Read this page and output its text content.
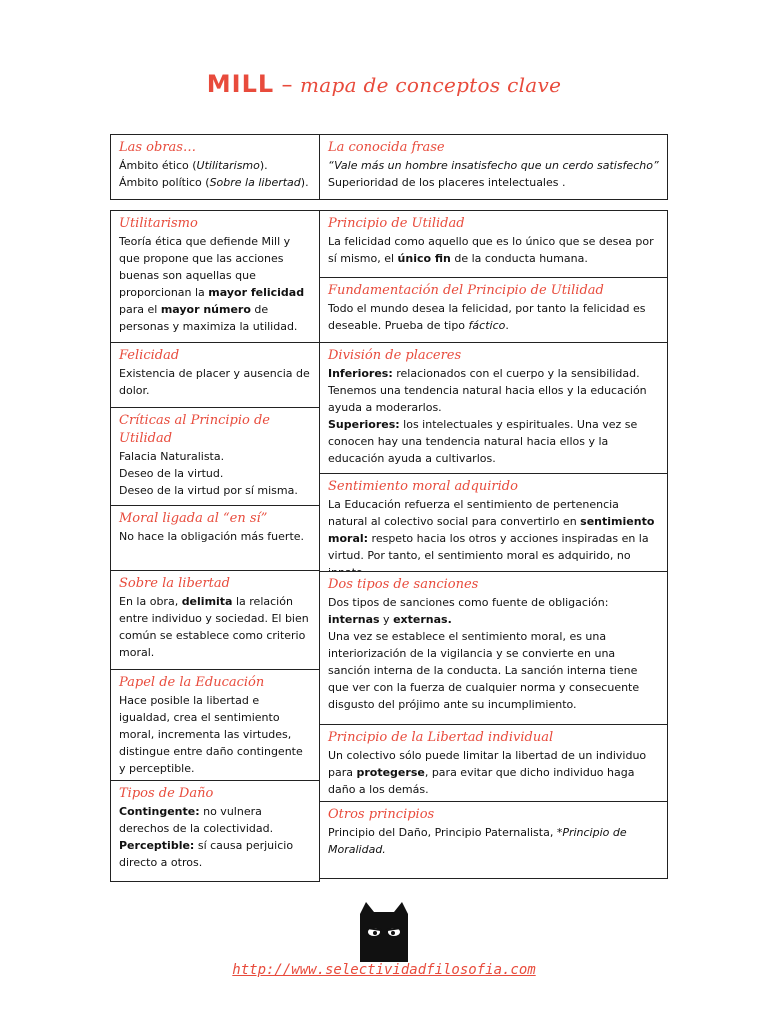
MILL – mapa de conceptos clave
Las obras…

Ámbito ético (Utilitarismo).

Ámbito político (Sobre la libertad).

La conocida frase

“Vale más un hombre insatisfecho que un cerdo satisfecho”

Superioridad de los placeres intelectuales .

Utilitarismo

Teoría ética que defiende Mill y que propone que las acciones buenas son aquellas que proporcionan la mayor felicidad para el mayor número de personas y maximiza la utilidad.

Felicidad

Existencia de placer y ausencia de dolor.

Críticas al Principio de Utilidad

Falacia Naturalista.

Deseo de la virtud.

Deseo de la virtud por sí misma.

Moral ligada al “en sí”

No hace la obligación más fuerte.

Sobre la libertad

En la obra, delimita la relación entre individuo y sociedad. El bien común se establece como criterio moral.

Papel de la Educación

Hace posible la libertad e igualdad, crea el sentimiento moral, incrementa las virtudes, distingue entre daño contingente y perceptible.

Tipos de Daño

Contingente: no vulnera derechos de la colectividad.

Perceptible: sí causa perjuicio directo a otros.

Principio de Utilidad

La felicidad como aquello que es lo único que se desea por sí mismo, el único fin de la conducta humana.

Fundamentación del Principio de Utilidad

Todo el mundo desea la felicidad, por tanto la felicidad es deseable. Prueba de tipo fáctico.

División de placeres

Inferiores: relacionados con el cuerpo y la sensibilidad. Tenemos una tendencia natural hacia ellos y la educación ayuda a moderarlos.

Superiores: los intelectuales y espirituales. Una vez se conocen hay una tendencia natural hacia ellos y la educación ayuda a cultivarlos.

Sentimiento moral adquirido

La Educación refuerza el sentimiento de pertenencia natural al colectivo social para convertirlo en sentimiento moral: respeto hacia los otros y acciones inspiradas en la virtud. Por tanto, el sentimiento moral es adquirido, no

Dos tipos de sanciones

Dos tipos de sanciones como fuente de obligación: internas y externas.

Una vez se establece el sentimiento moral, es una interiorización de la vigilancia y se convierte en una sanción interna de la conducta. La sanción interna tiene que ver con la fuerza de cualquier norma y consecuente disgusto del prójimo ante su incumplimiento.

Principio de la Libertad individual

Un colectivo sólo puede limitar la libertad de un individuo para protegerse, para evitar que dicho individuo haga daño a los demás.

Otros principios

Principio del Daño, Principio Paternalista, *Principio de Moralidad.

http://www.selectividadfilosofia.com
